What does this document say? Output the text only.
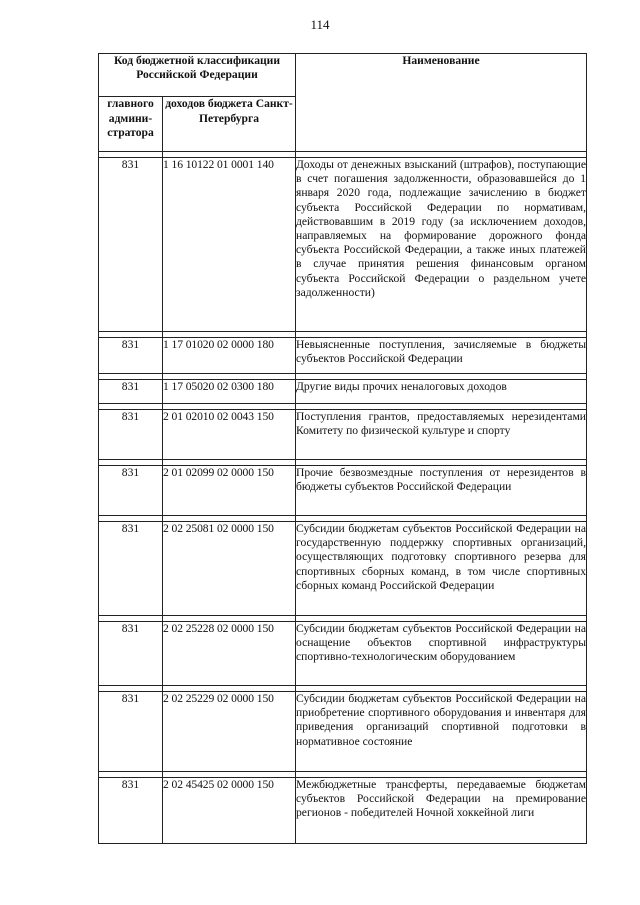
114
Код бюджетной классификации Российской Федерации		Наименование
главного админи-стратора	доходов бюджета Санкт-Петербурга	

831	1 16 10122 01 0001 140	Доходы от денежных взысканий (штрафов), поступающие в счет погашения задолженности, образовавшейся до 1 января 2020 года, подлежащие зачислению в бюджет субъекта Российской Федерации по нормативам, действовавшим в 2019 году (за исключением доходов, направляемых на формирование дорожного фонда субъекта Российской Федерации, а также иных платежей в случае принятия решения финансовым органом субъекта Российской Федерации о раздельном учете задолженности)

831	1 17 01020 02 0000 180	Невыясненные поступления, зачисляемые в бюджеты субъектов Российской Федерации

831	1 17 05020 02 0300 180	Другие виды прочих неналоговых доходов

831	2 01 02010 02 0043 150	Поступления грантов, предоставляемых нерезидентами Комитету по физической культуре и спорту

831	2 01 02099 02 0000 150	Прочие безвозмездные поступления от нерезидентов в бюджеты субъектов Российской Федерации

831	2 02 25081 02 0000 150	Субсидии бюджетам субъектов Российской Федерации на государственную поддержку спортивных организаций, осуществляющих подготовку спортивного резерва для спортивных сборных команд, в том числе спортивных сборных команд Российской Федерации

831	2 02 25228 02 0000 150	Субсидии бюджетам субъектов Российской Федерации на оснащение объектов спортивной инфраструктуры спортивно-технологическим оборудованием

831	2 02 25229 02 0000 150	Субсидии бюджетам субъектов Российской Федерации на приобретение спортивного оборудования и инвентаря для приведения организаций спортивной подготовки в нормативное состояние

831	2 02 45425 02 0000 150	Межбюджетные трансферты, передаваемые бюджетам субъектов Российской Федерации на премирование регионов - победителей Ночной хоккейной лиги
